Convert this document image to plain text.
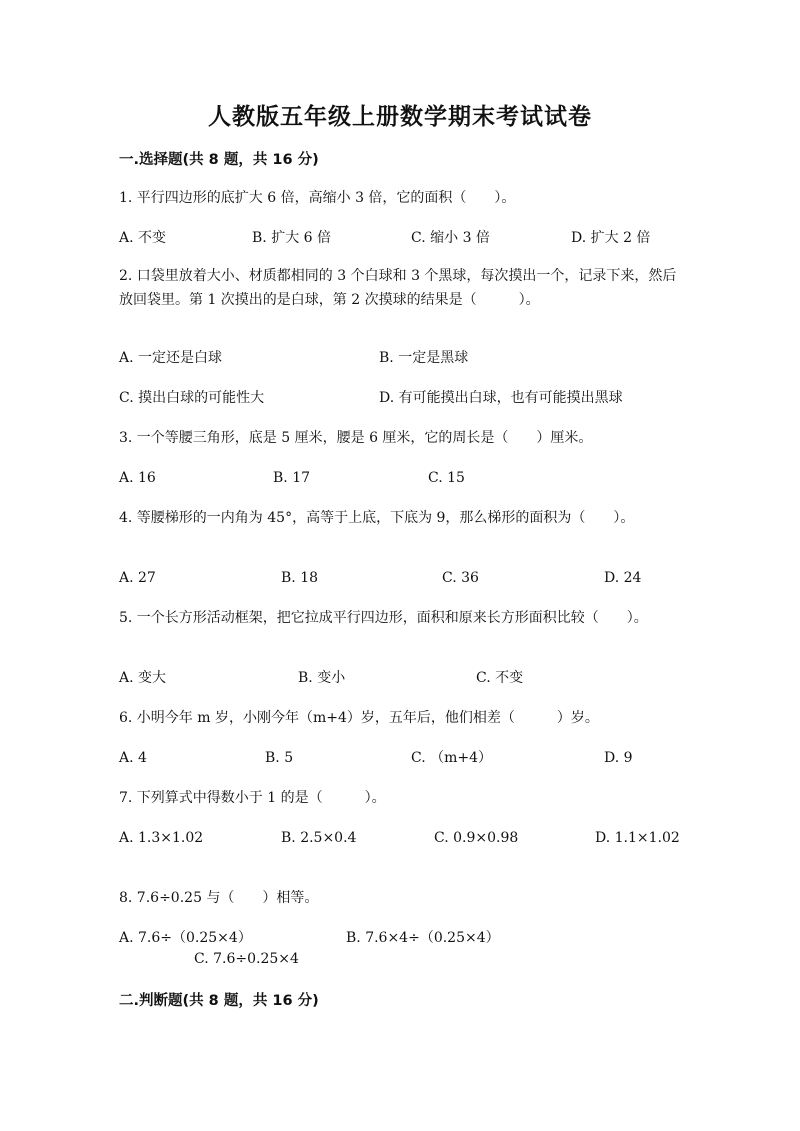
人教版五年级上册数学期末考试试卷
一.选择题(共 8 题，共 16 分)
1. 平行四边形的底扩大 6 倍，高缩小 3 倍，它的面积（　　）。
A. 不变	B. 扩大 6 倍	C. 缩小 3 倍	D. 扩大 2 倍
2. 口袋里放着大小、材质都相同的 3 个白球和 3 个黑球，每次摸出一个，记录下来，然后放回袋里。第 1 次摸出的是白球，第 2 次摸球的结果是（　　　）。
A. 一定还是白球	B. 一定是黑球
C. 摸出白球的可能性大	D. 有可能摸出白球，也有可能摸出黑球
3. 一个等腰三角形，底是 5 厘米，腰是 6 厘米，它的周长是（　　）厘米。
A. 16	B. 17	C. 15
4. 等腰梯形的一内角为 45°，高等于上底，下底为 9，那么梯形的面积为（　　）。
A. 27	B. 18	C. 36	D. 24
5. 一个长方形活动框架，把它拉成平行四边形，面积和原来长方形面积比较（　　）。
A. 变大	B. 变小	C. 不变
6. 小明今年 m 岁，小刚今年（m+4）岁，五年后，他们相差（　　　）岁。
A. 4	B. 5	C. （m+4）	D. 9
7. 下列算式中得数小于 1 的是（　　　）。
A. 1.3×1.02	B. 2.5×0.4	C. 0.9×0.98	D. 1.1×1.02
8. 7.6÷0.25 与（　　）相等。
A. 7.6÷（0.25×4）	B. 7.6×4÷（0.25×4）
C. 7.6÷0.25×4
二.判断题(共 8 题，共 16 分)
